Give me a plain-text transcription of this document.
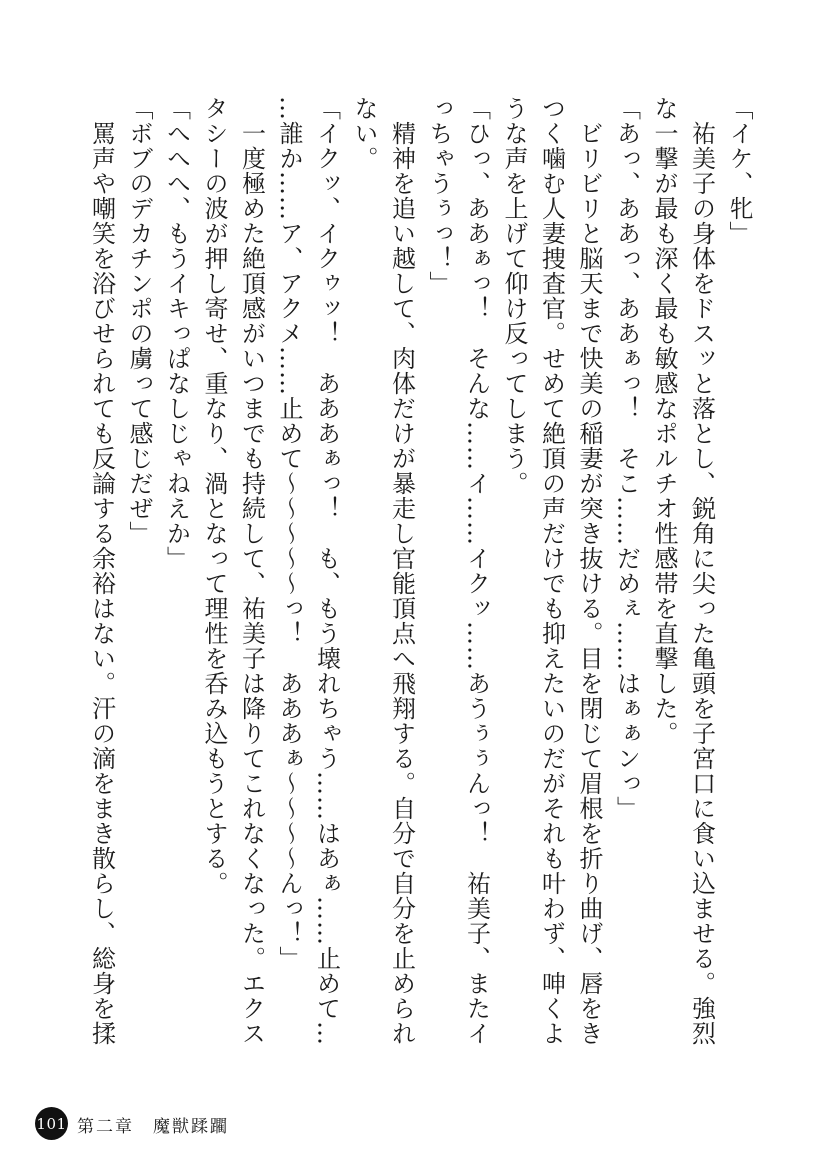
「イケ、牝」
　祐美子の身体をドスッと落とし、鋭角に尖った亀頭を子宮口に食い込ませる。強烈
な一撃が最も深く最も敏感なポルチオ性感帯を直撃した。
「あっ、ああっ、ああぁっ！　そこ……だめぇ……はぁぁンっ」
　ビリビリと脳天まで快美の稲妻が突き抜ける。目を閉じて眉根を折り曲げ、唇をき
つく噛む人妻捜査官。せめて絶頂の声だけでも抑えたいのだがそれも叶わず、呻くよ
うな声を上げて仰け反ってしまう。
「ひっ、ああぁっ！　そんな……イ……イクッ……あうぅぅんっ！　祐美子、またイ
っちゃうぅっ！」
　精神を追い越して、肉体だけが暴走し官能頂点へ飛翔する。自分で自分を止められ
ない。
「イクッ、イクゥッ！　あああぁっ！　も、もう壊れちゃう……はあぁ……止めて…
…誰か……ア、アクメ……止めて～～～～～っ！　あああぁ～～～～んっ！」
　一度極めた絶頂感がいつまでも持続して、祐美子は降りてこれなくなった。エクス
タシーの波が押し寄せ、重なり、渦となって理性を呑み込もうとする。
「へへへ、もうイキっぱなしじゃねえか」
「ボブのデカチンポの虜って感じだぜ」
　罵声や嘲笑を浴びせられても反論する余裕はない。汗の滴をまき散らし、総身を揉
101 第二章　魔獣蹂躙
